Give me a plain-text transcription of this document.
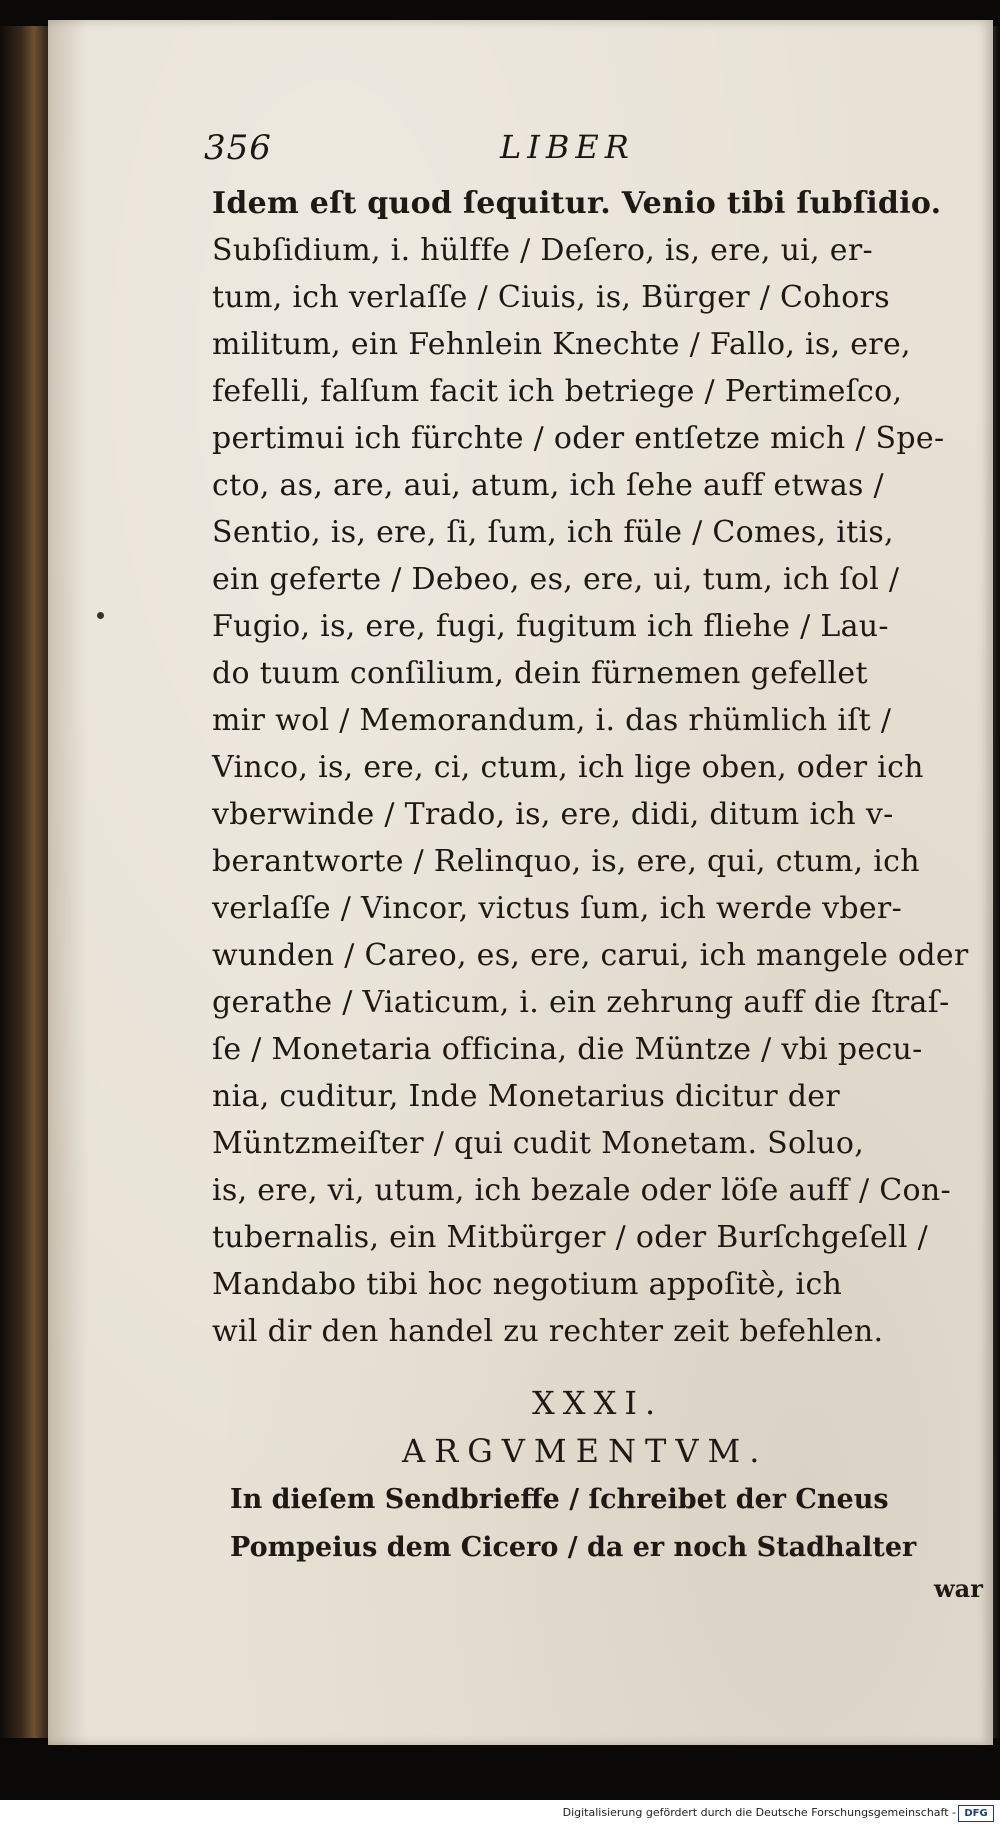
356	LIBER
Idem eſt quod ſequitur. Venio tibi ſubſidio.
Subſidium, i. hülffe / Deſero, is, ere, ui, er-
tum, ich verlaſſe / Ciuis, is, Bürger / Cohors
militum, ein Fehnlein Knechte / Fallo, is, ere,
fefelli, falſum facit ich betriege / Pertimeſco,
pertimui ich fürchte / oder entſetze mich / Spe-
cto, as, are, aui, atum, ich ſehe auff etwas /
Sentio, is, ere, ſi, ſum, ich füle / Comes, itis,
ein geferte / Debeo, es, ere, ui, tum, ich ſol /
Fugio, is, ere, fugi, fugitum ich fliehe / Lau-
do tuum conſilium, dein fürnemen gefellet
mir wol / Memorandum, i. das rhümlich iſt /
Vinco, is, ere, ci, ctum, ich lige oben, oder ich
vberwinde / Trado, is, ere, didi, ditum ich v-
berantworte / Relinquo, is, ere, qui, ctum, ich
verlaſſe / Vincor, victus ſum, ich werde vber-
wunden / Careo, es, ere, carui, ich mangele oder
gerathe / Viaticum, i. ein zehrung auff die ſtraſ-
ſe / Monetaria officina, die Müntze / vbi pecu-
nia, cuditur, Inde Monetarius dicitur der
Müntzmeiſter / qui cudit Monetam. Soluo,
is, ere, vi, utum, ich bezale oder löſe auff / Con-
tubernalis, ein Mitbürger / oder Burſchgeſell /
Mandabo tibi hoc negotium appoſitè, ich
wil dir den handel zu rechter zeit befehlen.
XXXI.
ARGVMENTVM.
In dieſem Sendbrieffe / ſchreibet der Cneus
Pompeius dem Cicero / da er noch Stadhalter
war
Digitalisierung gefördert durch die Deutsche Forschungsgemeinschaft - DFG
